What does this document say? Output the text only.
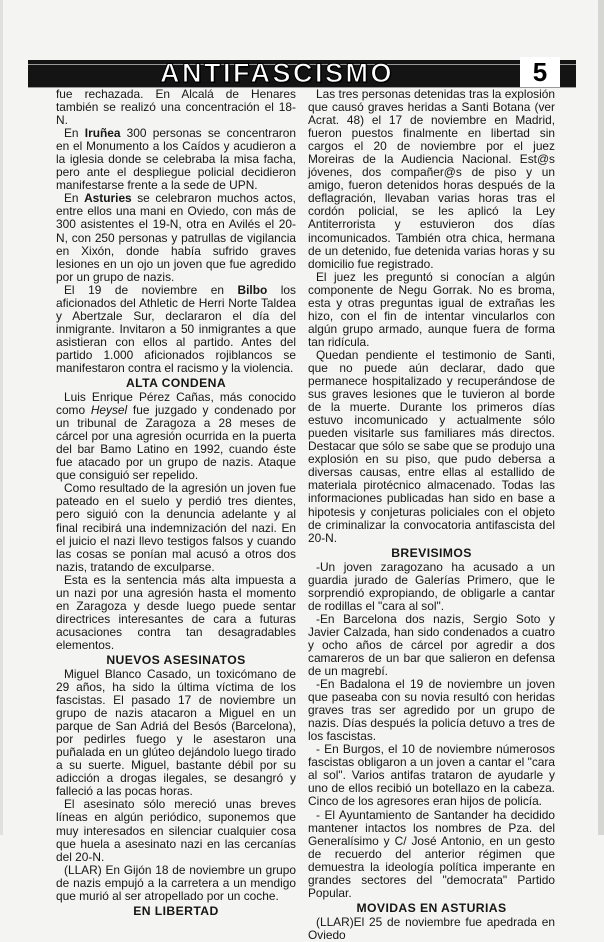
ANTIFASCISMO	5

fue rechazada. En Alcalá de Henares también se realizó una concentración el 18-N.

En Iruñea 300 personas se concentraron en el Monumento a los Caídos y acudieron a la iglesia donde se celebraba la misa facha, pero ante el despliegue policial decidieron manifestarse frente a la sede de UPN.

En Asturies se celebraron muchos actos, entre ellos una mani en Oviedo, con más de 300 asistentes el 19-N, otra en Avilés el 20-N, con 250 personas y patrullas de vigilancia en Xixón, donde había sufrido graves lesiones en un ojo un joven que fue agredido por un grupo de nazis.

El 19 de noviembre en Bilbo los aficionados del Athletic de Herri Norte Taldea y Abertzale Sur, declararon el día del inmigrante. Invitaron a 50 inmigrantes a que asistieran con ellos al partido. Antes del partido 1.000 aficionados rojiblancos se manifestaron contra el racismo y la violencia.

ALTA CONDENA

Luis Enrique Pérez Cañas, más conocido como Heysel fue juzgado y condenado por un tribunal de Zaragoza a 28 meses de cárcel por una agresión ocurrida en la puerta del bar Bamo Latino en 1992, cuando éste fue atacado por un grupo de nazis. Ataque que consiguió ser repelido.

Como resultado de la agresión un joven fue pateado en el suelo y perdió tres dientes, pero siguió con la denuncia adelante y al final recibirá una indemnización del nazi. En el juicio el nazi llevo testigos falsos y cuando las cosas se ponían mal acusó a otros dos nazis, tratando de exculparse.

Esta es la sentencia más alta impuesta a un nazi por una agresión hasta el momento en Zaragoza y desde luego puede sentar directrices interesantes de cara a futuras acusaciones contra tan desagradables elementos.

NUEVOS ASESINATOS

Miguel Blanco Casado, un toxicómano de 29 años, ha sido la última víctima de los fascistas. El pasado 17 de noviembre un grupo de nazis atacaron a Miguel en un parque de San Adriá del Besós (Barcelona), por pedirles fuego y le asestaron una puñalada en un glúteo dejándolo luego tirado a su suerte. Miguel, bastante débil por su adicción a drogas ilegales, se desangró y falleció a las pocas horas.

El asesinato sólo mereció unas breves líneas en algún periódico, suponemos que muy interesados en silenciar cualquier cosa que huela a asesinato nazi en las cercanías del 20-N.

(LLAR) En Gijón 18 de noviembre un grupo de nazis empujó a la carretera a un mendigo que murió al ser atropellado por un coche.

EN LIBERTAD

Las tres personas detenidas tras la explosión que causó graves heridas a Santi Botana (ver Acrat. 48) el 17 de noviembre en Madrid, fueron puestos finalmente en libertad sin cargos el 20 de noviembre por el juez Moreiras de la Audiencia Nacional. Est@s jóvenes, dos compañer@s de piso y un amigo, fueron detenidos horas después de la deflagración, llevaban varias horas tras el cordón policial, se les aplicó la Ley Antiterrorista y estuvieron dos días incomunicados. También otra chica, hermana de un detenido, fue detenida varias horas y su domicilio fue registrado.

El juez les preguntó si conocían a algún componente de Negu Gorrak. No es broma, esta y otras preguntas igual de extrañas les hizo, con el fin de intentar vincularlos con algún grupo armado, aunque fuera de forma tan ridícula.

Quedan pendiente el testimonio de Santi, que no puede aún declarar, dado que permanece hospitalizado y recuperándose de sus graves lesiones que le tuvieron al borde de la muerte. Durante los primeros días estuvo incomunicado y actualmente sólo pueden visitarle sus familiares más directos. Destacar que sólo se sabe que se produjo una explosión en su piso, que pudo debersa a diversas causas, entre ellas al estallido de materiala pirotécnico almacenado. Todas las informaciones publicadas han sido en base a hipotesis y conjeturas policiales con el objeto de criminalizar la convocatoria antifascista del 20-N.

BREVISIMOS

-Un joven zaragozano ha acusado a un guardia jurado de Galerías Primero, que le sorprendió expropiando, de obligarle a cantar de rodillas el "cara al sol".

-En Barcelona dos nazis, Sergio Soto y Javier Calzada, han sido condenados a cuatro y ocho años de cárcel por agredir a dos camareros de un bar que salieron en defensa de un magrebí.

-En Badalona el 19 de noviembre un joven que paseaba con su novia resultó con heridas graves tras ser agredido por un grupo de nazis. Días después la policía detuvo a tres de los fascistas.

- En Burgos, el 10 de noviembre númerosos fascistas obligaron a un joven a cantar el "cara al sol". Varios antifas trataron de ayudarle y uno de ellos recibió un botellazo en la cabeza. Cinco de los agresores eran hijos de policía.

- El Ayuntamiento de Santander ha decidido mantener intactos los nombres de Pza. del Generalísimo y C/ José Antonio, en un gesto de recuerdo del anterior régimen que demuestra la ideología política imperante en grandes sectores del "democrata" Partido Popular.

MOVIDAS EN ASTURIAS

(LLAR)El 25 de noviembre fue apedrada en Oviedo
